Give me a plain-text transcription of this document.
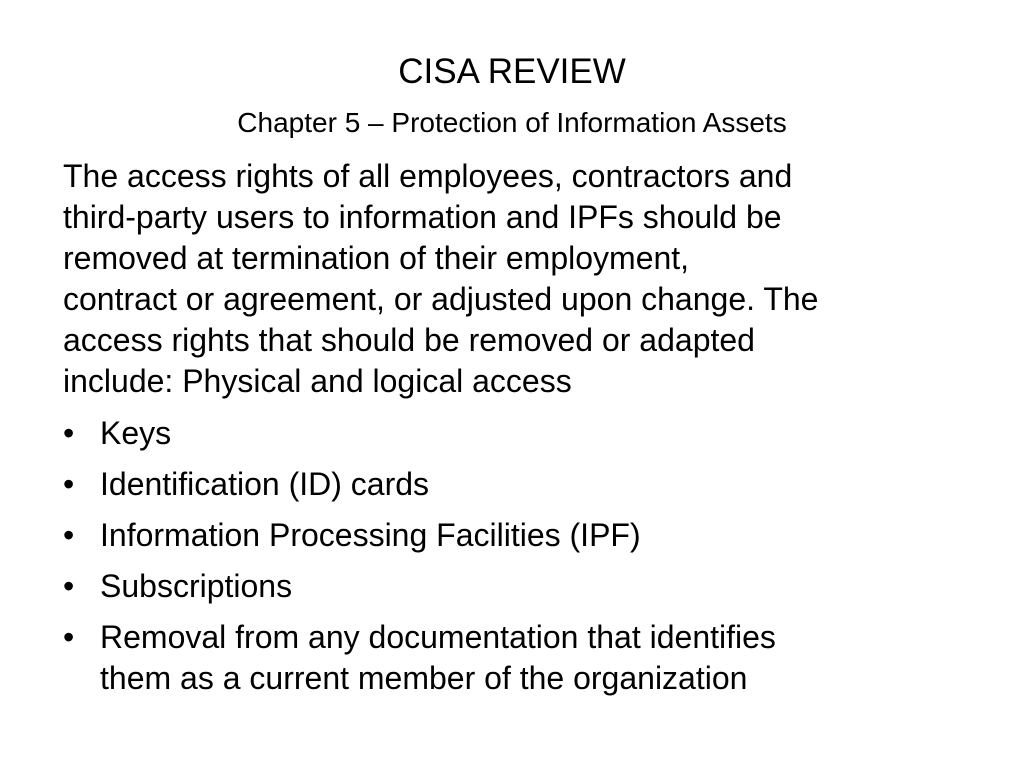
CISA REVIEW
Chapter 5 – Protection of Information Assets
The access rights of all employees, contractors and
third-party users to information and IPFs should be
removed at termination of their employment,
contract or agreement, or adjusted upon change. The
access rights that should be removed or adapted
include: Physical and logical access
• Keys
• Identification (ID) cards
• Information Processing Facilities (IPF)
• Subscriptions
• Removal from any documentation that identifies
them as a current member of the organization
